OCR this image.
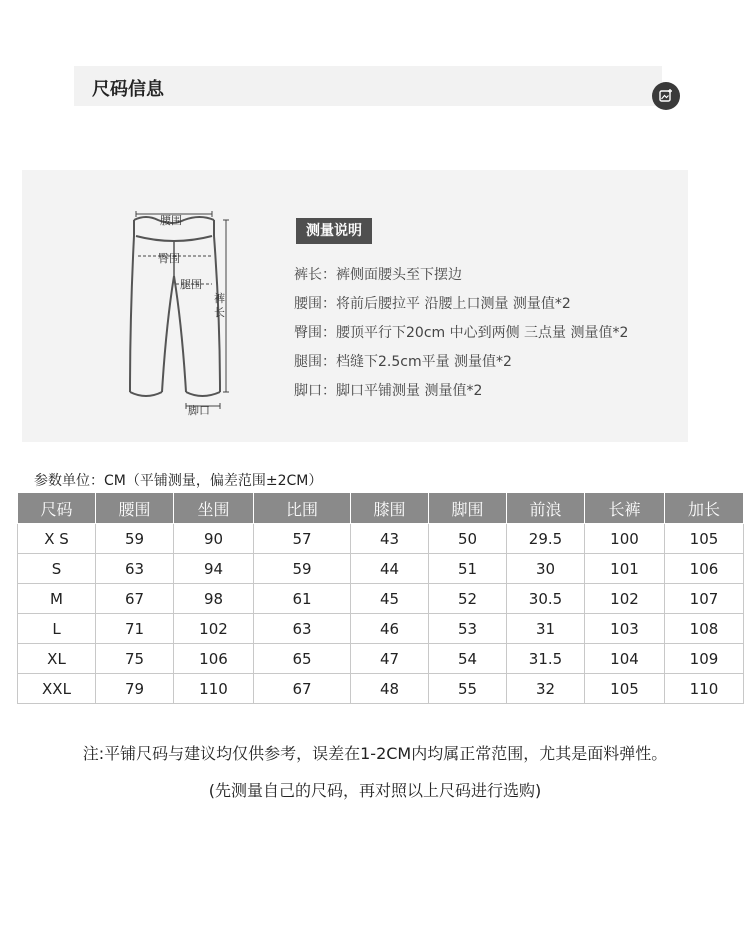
尺码信息
腰围
臀围
腿围
裤
长
脚口
测量说明
裤长：裤侧面腰头至下摆边
腰围：将前后腰拉平 沿腰上口测量 测量值*2
臀围：腰顶平行下20cm 中心到两侧 三点量 测量值*2
腿围：档缝下2.5cm平量 测量值*2
脚口：脚口平铺测量 测量值*2
参数单位：CM（平铺测量，偏差范围±2CM）
尺码	腰围	坐围	比围	膝围	脚围	前浪	长裤	加长
X S	59	90	57	43	50	29.5	100	105
S	63	94	59	44	51	30	101	106
M	67	98	61	45	52	30.5	102	107
L	71	102	63	46	53	31	103	108
XL	75	106	65	47	54	31.5	104	109
XXL	79	110	67	48	55	32	105	110
注:平铺尺码与建议均仅供参考，误差在1-2CM内均属正常范围，尤其是面料弹性。
(先测量自己的尺码，再对照以上尺码进行选购)
